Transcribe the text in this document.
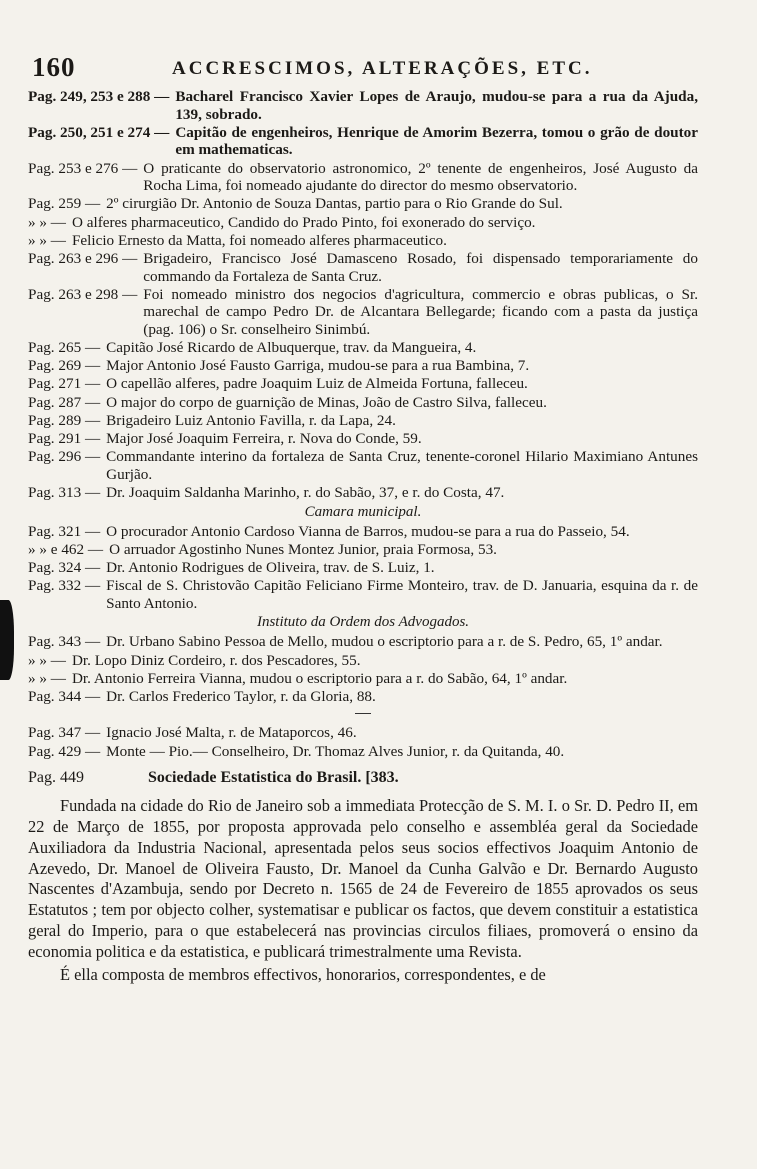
160	ACCRESCIMOS, ALTERAÇÕES, ETC.
Pag. 249, 253 e 288 — Bacharel Francisco Xavier Lopes de Araujo, mudou-se para a rua da Ajuda, 139, sobrado.
Pag. 250, 251 e 274 — Capitão de engenheiros, Henrique de Amorim Bezerra, tomou o grão de doutor em mathematicas.
Pag. 253 e 276 — O praticante do observatorio astronomico, 2º tenente de engenheiros, José Augusto da Rocha Lima, foi nomeado ajudante do director do mesmo observatorio.
Pag. 259 — 2º cirurgião Dr. Antonio de Souza Dantas, partio para o Rio Grande do Sul.
» » — O alferes pharmaceutico, Candido do Prado Pinto, foi exonerado do serviço.
» » — Felicio Ernesto da Matta, foi nomeado alferes pharmaceutico.
Pag. 263 e 296 — Brigadeiro, Francisco José Damasceno Rosado, foi dispensado temporariamente do commando da Fortaleza de Santa Cruz.
Pag. 263 e 298 — Foi nomeado ministro dos negocios d'agricultura, commercio e obras publicas, o Sr. marechal de campo Pedro Dr. de Alcantara Bellegarde; ficando com a pasta da justiça (pag. 106) o Sr. conselheiro Sinimbú.
Pag. 265 — Capitão José Ricardo de Albuquerque, trav. da Mangueira, 4.
Pag. 269 — Major Antonio José Fausto Garriga, mudou-se para a rua Bambina, 7.
Pag. 271 — O capellão alferes, padre Joaquim Luiz de Almeida Fortuna, falleceu.
Pag. 287 — O major do corpo de guarnição de Minas, João de Castro Silva, falleceu.
Pag. 289 — Brigadeiro Luiz Antonio Favilla, r. da Lapa, 24.
Pag. 291 — Major José Joaquim Ferreira, r. Nova do Conde, 59.
Pag. 296 — Commandante interino da fortaleza de Santa Cruz, tenente-coronel Hilario Maximiano Antunes Gurjão.
Pag. 313 — Dr. Joaquim Saldanha Marinho, r. do Sabão, 37, e r. do Costa, 47.
Camara municipal.
Pag. 321 — O procurador Antonio Cardoso Vianna de Barros, mudou-se para a rua do Passeio, 54.
» » e 462 — O arruador Agostinho Nunes Montez Junior, praia Formosa, 53.
Pag. 324 — Dr. Antonio Rodrigues de Oliveira, trav. de S. Luiz, 1.
Pag. 332 — Fiscal de S. Christovão Capitão Feliciano Firme Monteiro, trav. de D. Januaria, esquina da r. de Santo Antonio.
Instituto da Ordem dos Advogados.
Pag. 343 — Dr. Urbano Sabino Pessoa de Mello, mudou o escriptorio para a r. de S. Pedro, 65, 1º andar.
» » — Dr. Lopo Diniz Cordeiro, r. dos Pescadores, 55.
» » — Dr. Antonio Ferreira Vianna, mudou o escriptorio para a r. do Sabão, 64, 1º andar.
Pag. 344 — Dr. Carlos Frederico Taylor, r. da Gloria, 88.
Pag. 347 — Ignacio José Malta, r. de Mataporcos, 46.
Pag. 429 — Monte — Pio.— Conselheiro, Dr. Thomaz Alves Junior, r. da Quitanda, 40.
Pag. 449	Sociedade Estatistica do Brasil. [383.

Fundada na cidade do Rio de Janeiro sob a immediata Protecção de S. M. I. o Sr. D. Pedro II, em 22 de Março de 1855, por proposta approvada pelo conselho e assembléa geral da Sociedade Auxiliadora da Industria Nacional, apresentada pelos seus socios effectivos Joaquim Antonio de Azevedo, Dr. Manoel de Oliveira Fausto, Dr. Manoel da Cunha Galvão e Dr. Bernardo Augusto Nascentes d'Azambuja, sendo por Decreto n. 1565 de 24 de Fevereiro de 1855 aprovados os seus Estatutos ; tem por objecto colher, systematisar e publicar os factos, que devem constituir a estatistica geral do Imperio, para o que estabelecerá nas provincias circulos filiaes, promoverá o ensino da economia politica e da estatistica, e publicará trimestralmente uma Revista.

É ella composta de membros effectivos, honorarios, correspondentes, e de
